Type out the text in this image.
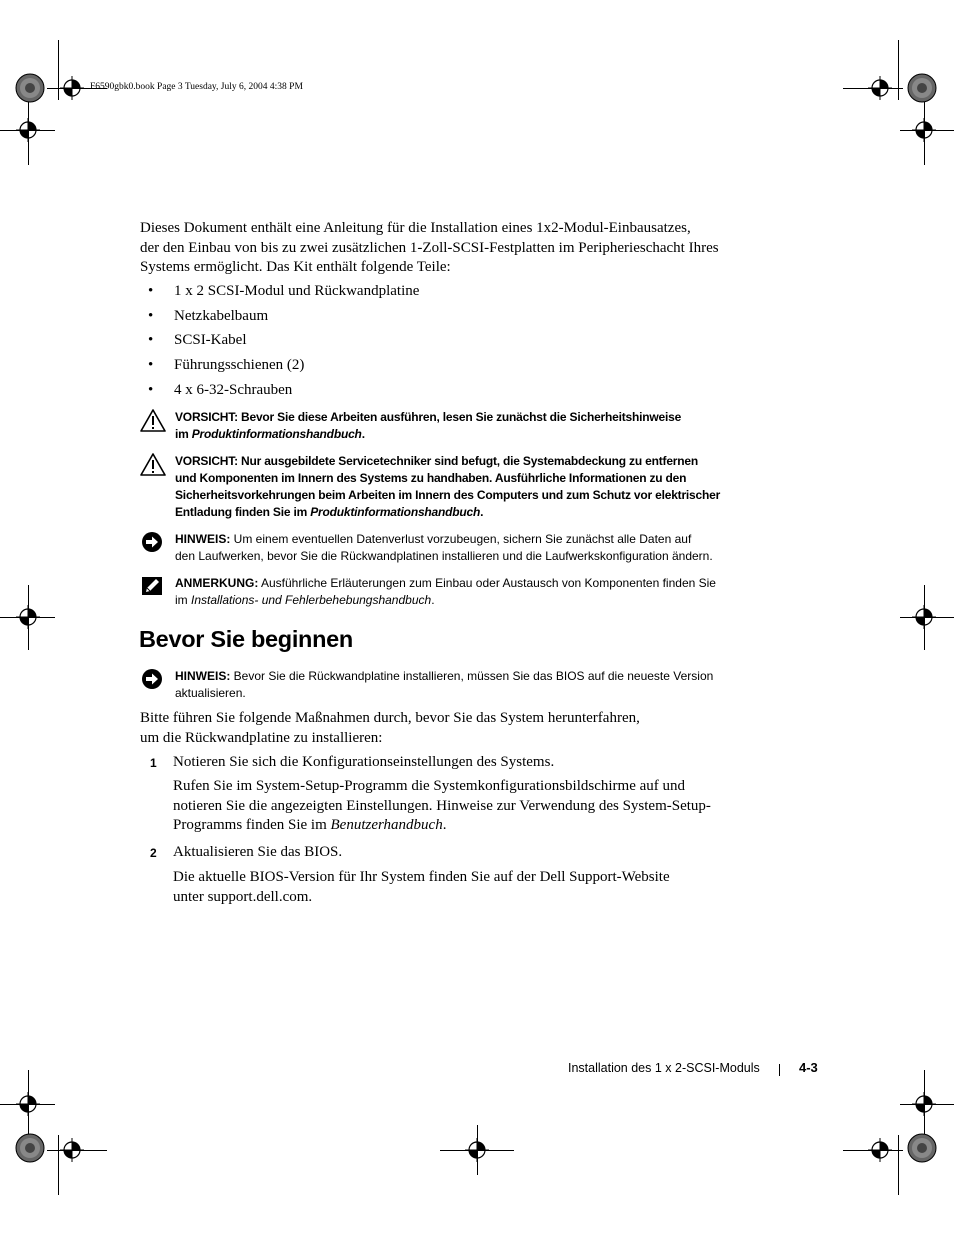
F6590gbk0.book Page 3 Tuesday, July 6, 2004 4:38 PM
Dieses Dokument enthält eine Anleitung für die Installation eines 1x2-Modul-Einbausatzes,
der den Einbau von bis zu zwei zusätzlichen 1-Zoll-SCSI-Festplatten im Peripherieschacht Ihres
Systems ermöglicht. Das Kit enthält folgende Teile:
• 1 x 2 SCSI-Modul und Rückwandplatine
• Netzkabelbaum
• SCSI-Kabel
• Führungsschienen (2)
• 4 x 6-32-Schrauben
VORSICHT: Bevor Sie diese Arbeiten ausführen, lesen Sie zunächst die Sicherheitshinweise
im Produktinformationshandbuch.
VORSICHT: Nur ausgebildete Servicetechniker sind befugt, die Systemabdeckung zu entfernen
und Komponenten im Innern des Systems zu handhaben. Ausführliche Informationen zu den
Sicherheitsvorkehrungen beim Arbeiten im Innern des Computers und zum Schutz vor elektrischer
Entladung finden Sie im Produktinformationshandbuch.
HINWEIS: Um einem eventuellen Datenverlust vorzubeugen, sichern Sie zunächst alle Daten auf
den Laufwerken, bevor Sie die Rückwandplatinen installieren und die Laufwerkskonfiguration ändern.
ANMERKUNG: Ausführliche Erläuterungen zum Einbau oder Austausch von Komponenten finden Sie
im Installations- und Fehlerbehebungshandbuch.
Bevor Sie beginnen
HINWEIS: Bevor Sie die Rückwandplatine installieren, müssen Sie das BIOS auf die neueste Version
aktualisieren.
Bitte führen Sie folgende Maßnahmen durch, bevor Sie das System herunterfahren,
um die Rückwandplatine zu installieren:
1 Notieren Sie sich die Konfigurationseinstellungen des Systems.
Rufen Sie im System-Setup-Programm die Systemkonfigurationsbildschirme auf und
notieren Sie die angezeigten Einstellungen. Hinweise zur Verwendung des System-Setup-
Programms finden Sie im Benutzerhandbuch.
2 Aktualisieren Sie das BIOS.
Die aktuelle BIOS-Version für Ihr System finden Sie auf der Dell Support-Website
unter support.dell.com.
Installation des 1 x 2-SCSI-Moduls	4-3
